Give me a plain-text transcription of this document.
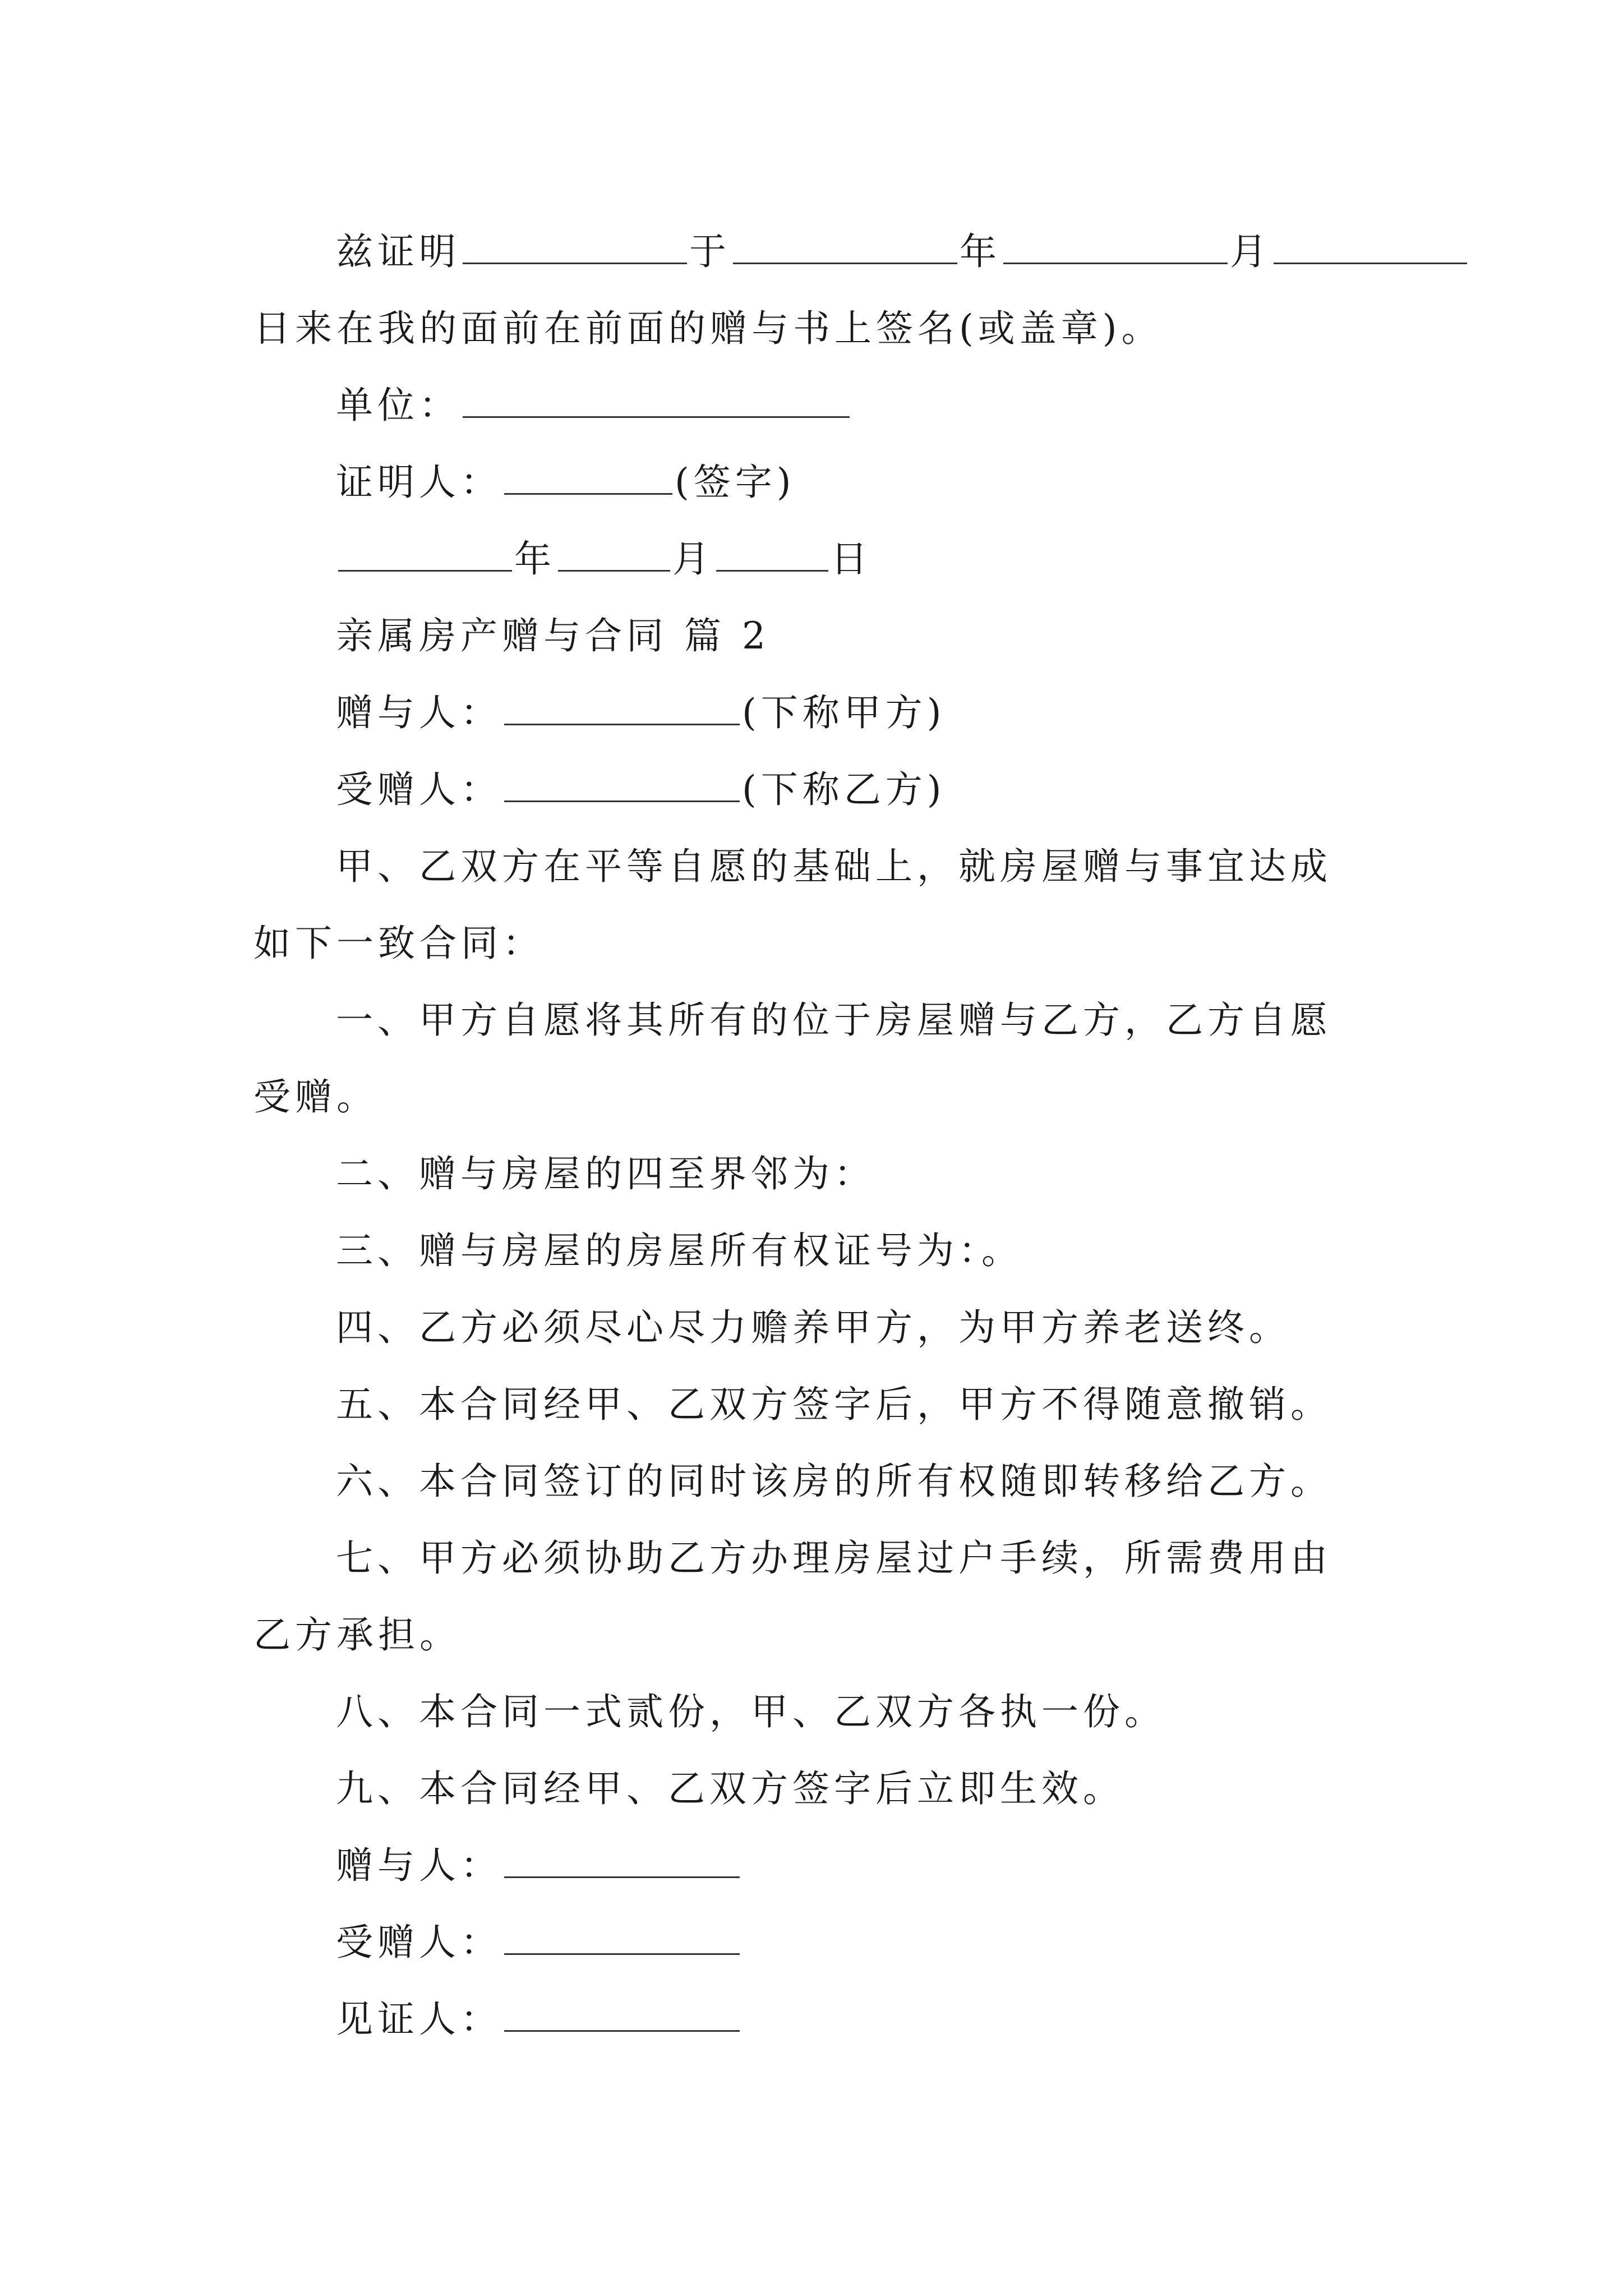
兹证明	于	年	月
日来在我的面前在前面的赠与书上签名(或盖章)。
单位：
证明人：	(签字)
年	月	日
亲属房产赠与合同 篇 2
赠与人：	(下称甲方)
受赠人：	(下称乙方)
甲、乙双方在平等自愿的基础上，就房屋赠与事宜达成
如下一致合同：
一、甲方自愿将其所有的位于房屋赠与乙方，乙方自愿
受赠。
二、赠与房屋的四至界邻为：
三、赠与房屋的房屋所有权证号为：。
四、乙方必须尽心尽力赡养甲方，为甲方养老送终。
五、本合同经甲、乙双方签字后，甲方不得随意撤销。
六、本合同签订的同时该房的所有权随即转移给乙方。
七、甲方必须协助乙方办理房屋过户手续，所需费用由
乙方承担。
八、本合同一式贰份，甲、乙双方各执一份。
九、本合同经甲、乙双方签字后立即生效。
赠与人：
受赠人：
见证人：
